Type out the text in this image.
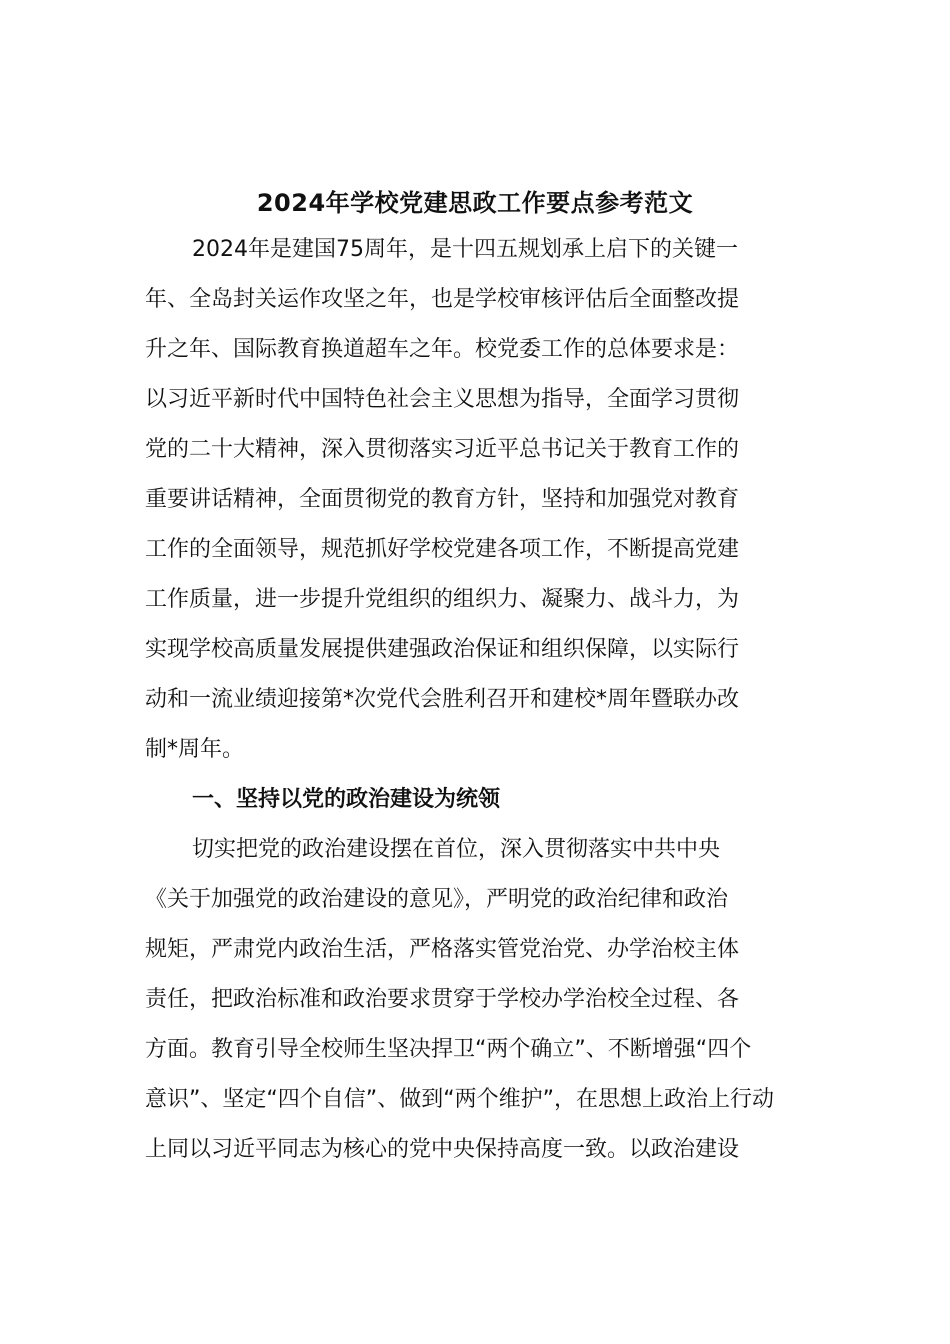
2024年学校党建思政工作要点参考范文
2024年是建国75周年，是十四五规划承上启下的关键一
年、全岛封关运作攻坚之年，也是学校审核评估后全面整改提
升之年、国际教育换道超车之年。校党委工作的总体要求是：
以习近平新时代中国特色社会主义思想为指导，全面学习贯彻
党的二十大精神，深入贯彻落实习近平总书记关于教育工作的
重要讲话精神，全面贯彻党的教育方针，坚持和加强党对教育
工作的全面领导，规范抓好学校党建各项工作，不断提高党建
工作质量，进一步提升党组织的组织力、凝聚力、战斗力，为
实现学校高质量发展提供建强政治保证和组织保障，以实际行
动和一流业绩迎接第*次党代会胜利召开和建校*周年暨联办改
制*周年。
一、坚持以党的政治建设为统领
切实把党的政治建设摆在首位，深入贯彻落实中共中央
《关于加强党的政治建设的意见》，严明党的政治纪律和政治
规矩，严肃党内政治生活，严格落实管党治党、办学治校主体
责任，把政治标准和政治要求贯穿于学校办学治校全过程、各
方面。教育引导全校师生坚决捍卫“两个确立”、不断增强“四个
意识”、坚定“四个自信”、做到“两个维护”，在思想上政治上行动
上同以习近平同志为核心的党中央保持高度一致。以政治建设
